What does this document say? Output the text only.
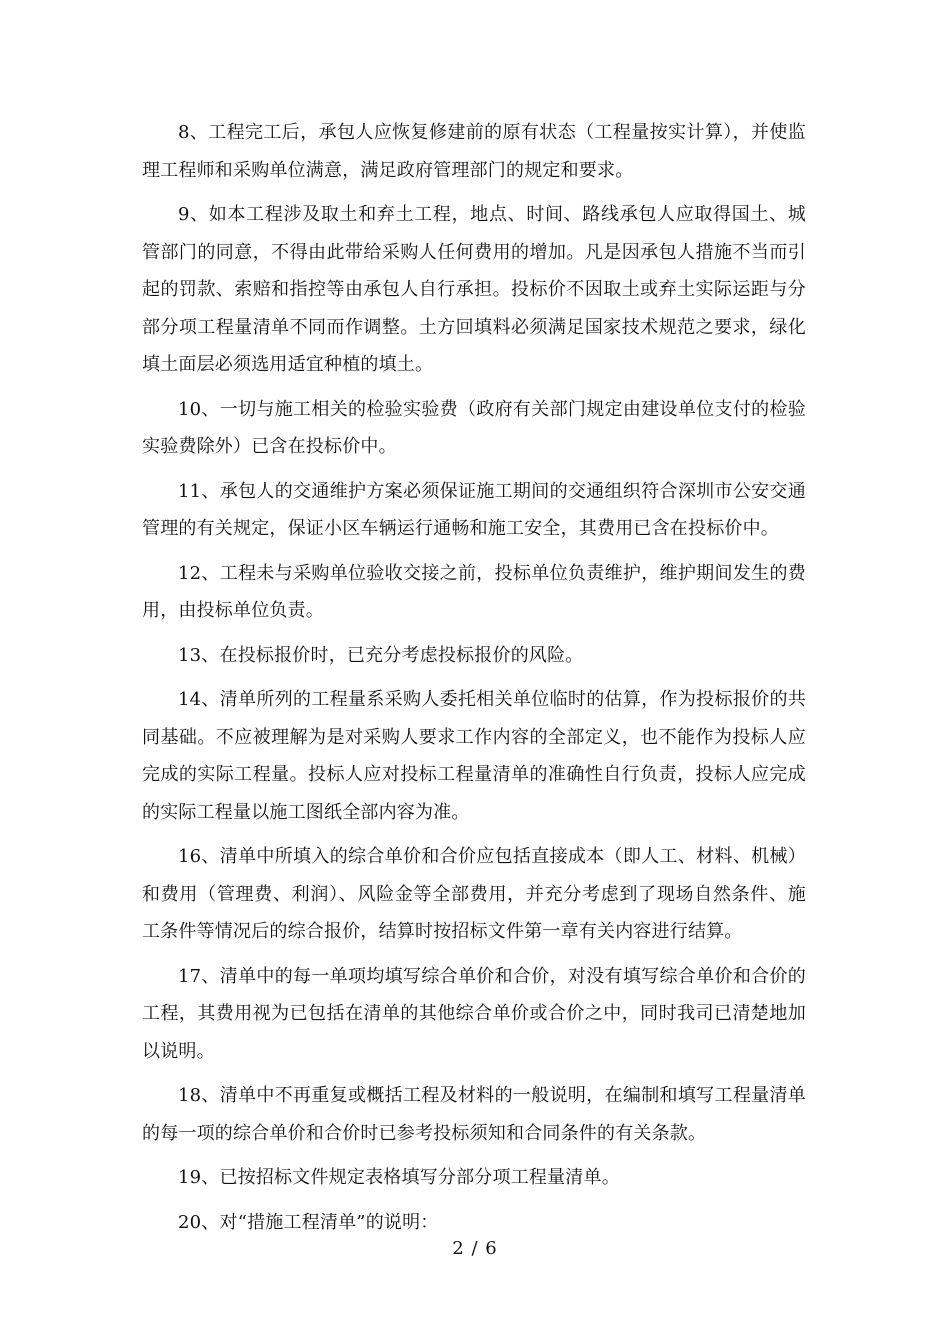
8、工程完工后，承包人应恢复修建前的原有状态（工程量按实计算），并使监理工程师和采购单位满意，满足政府管理部门的规定和要求。

9、如本工程涉及取土和弃土工程，地点、时间、路线承包人应取得国土、城管部门的同意，不得由此带给采购人任何费用的增加。凡是因承包人措施不当而引起的罚款、索赔和指控等由承包人自行承担。投标价不因取土或弃土实际运距与分部分项工程量清单不同而作调整。土方回填料必须满足国家技术规范之要求，绿化填土面层必须选用适宜种植的填土。

10、一切与施工相关的检验实验费（政府有关部门规定由建设单位支付的检验实验费除外）已含在投标价中。

11、承包人的交通维护方案必须保证施工期间的交通组织符合深圳市公安交通管理的有关规定，保证小区车辆运行通畅和施工安全，其费用已含在投标价中。

12、工程未与采购单位验收交接之前，投标单位负责维护，维护期间发生的费用，由投标单位负责。

13、在投标报价时，已充分考虑投标报价的风险。

14、清单所列的工程量系采购人委托相关单位临时的估算，作为投标报价的共同基础。不应被理解为是对采购人要求工作内容的全部定义，也不能作为投标人应完成的实际工程量。投标人应对投标工程量清单的准确性自行负责，投标人应完成的实际工程量以施工图纸全部内容为准。

16、清单中所填入的综合单价和合价应包括直接成本（即人工、材料、机械）和费用（管理费、利润）、风险金等全部费用，并充分考虑到了现场自然条件、施工条件等情况后的综合报价，结算时按招标文件第一章有关内容进行结算。

17、清单中的每一单项均填写综合单价和合价，对没有填写综合单价和合价的工程，其费用视为已包括在清单的其他综合单价或合价之中，同时我司已清楚地加以说明。

18、清单中不再重复或概括工程及材料的一般说明，在编制和填写工程量清单的每一项的综合单价和合价时已参考投标须知和合同条件的有关条款。

19、已按招标文件规定表格填写分部分项工程量清单。

20、对“措施工程清单”的说明：

2 / 6
